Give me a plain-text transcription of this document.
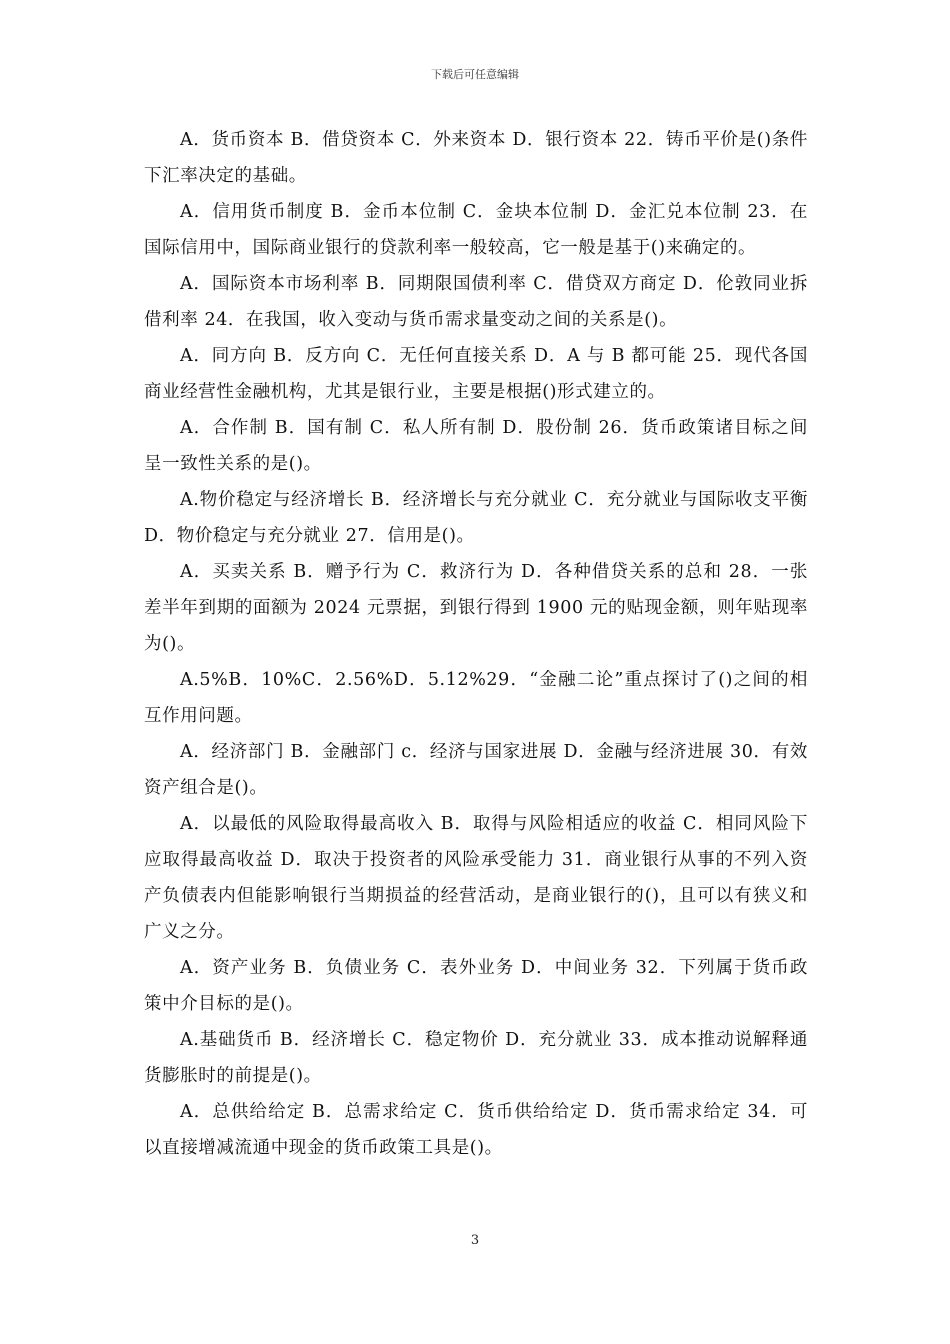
下载后可任意编辑

A．货币资本 B．借贷资本 C．外来资本 D．银行资本 22．铸币平价是()条件下汇率决定的基础。

A．信用货币制度 B．金币本位制 C．金块本位制 D．金汇兑本位制 23．在国际信用中，国际商业银行的贷款利率一般较高，它一般是基于()来确定的。

A．国际资本市场利率 B．同期限国债利率 C．借贷双方商定 D．伦敦同业拆借利率 24．在我国，收入变动与货币需求量变动之间的关系是()。

A．同方向 B．反方向 C．无任何直接关系 D．A 与 B 都可能 25．现代各国商业经营性金融机构，尤其是银行业，主要是根据()形式建立的。

A．合作制 B．国有制 C．私人所有制 D．股份制 26．货币政策诸目标之间呈一致性关系的是()。

A.物价稳定与经济增长 B．经济增长与充分就业 C．充分就业与国际收支平衡 D．物价稳定与充分就业 27．信用是()。

A．买卖关系 B．赠予行为 C．救济行为 D．各种借贷关系的总和 28．一张差半年到期的面额为 2024 元票据，到银行得到 1900 元的贴现金额，则年贴现率为()。

A.5%B．10%C．2.56%D．5.12%29．“金融二论”重点探讨了()之间的相互作用问题。

A．经济部门 B．金融部门 c．经济与国家进展 D．金融与经济进展 30．有效资产组合是()。

A．以最低的风险取得最高收入 B．取得与风险相适应的收益 C．相同风险下应取得最高收益 D．取决于投资者的风险承受能力 31．商业银行从事的不列入资产负债表内但能影响银行当期损益的经营活动，是商业银行的()，且可以有狭义和广义之分。

A．资产业务 B．负债业务 C．表外业务 D．中间业务 32．下列属于货币政策中介目标的是()。

A.基础货币 B．经济增长 C．稳定物价 D．充分就业 33．成本推动说解释通货膨胀时的前提是()。

A．总供给给定 B．总需求给定 C．货币供给给定 D．货币需求给定 34．可以直接增减流通中现金的货币政策工具是()。

3
